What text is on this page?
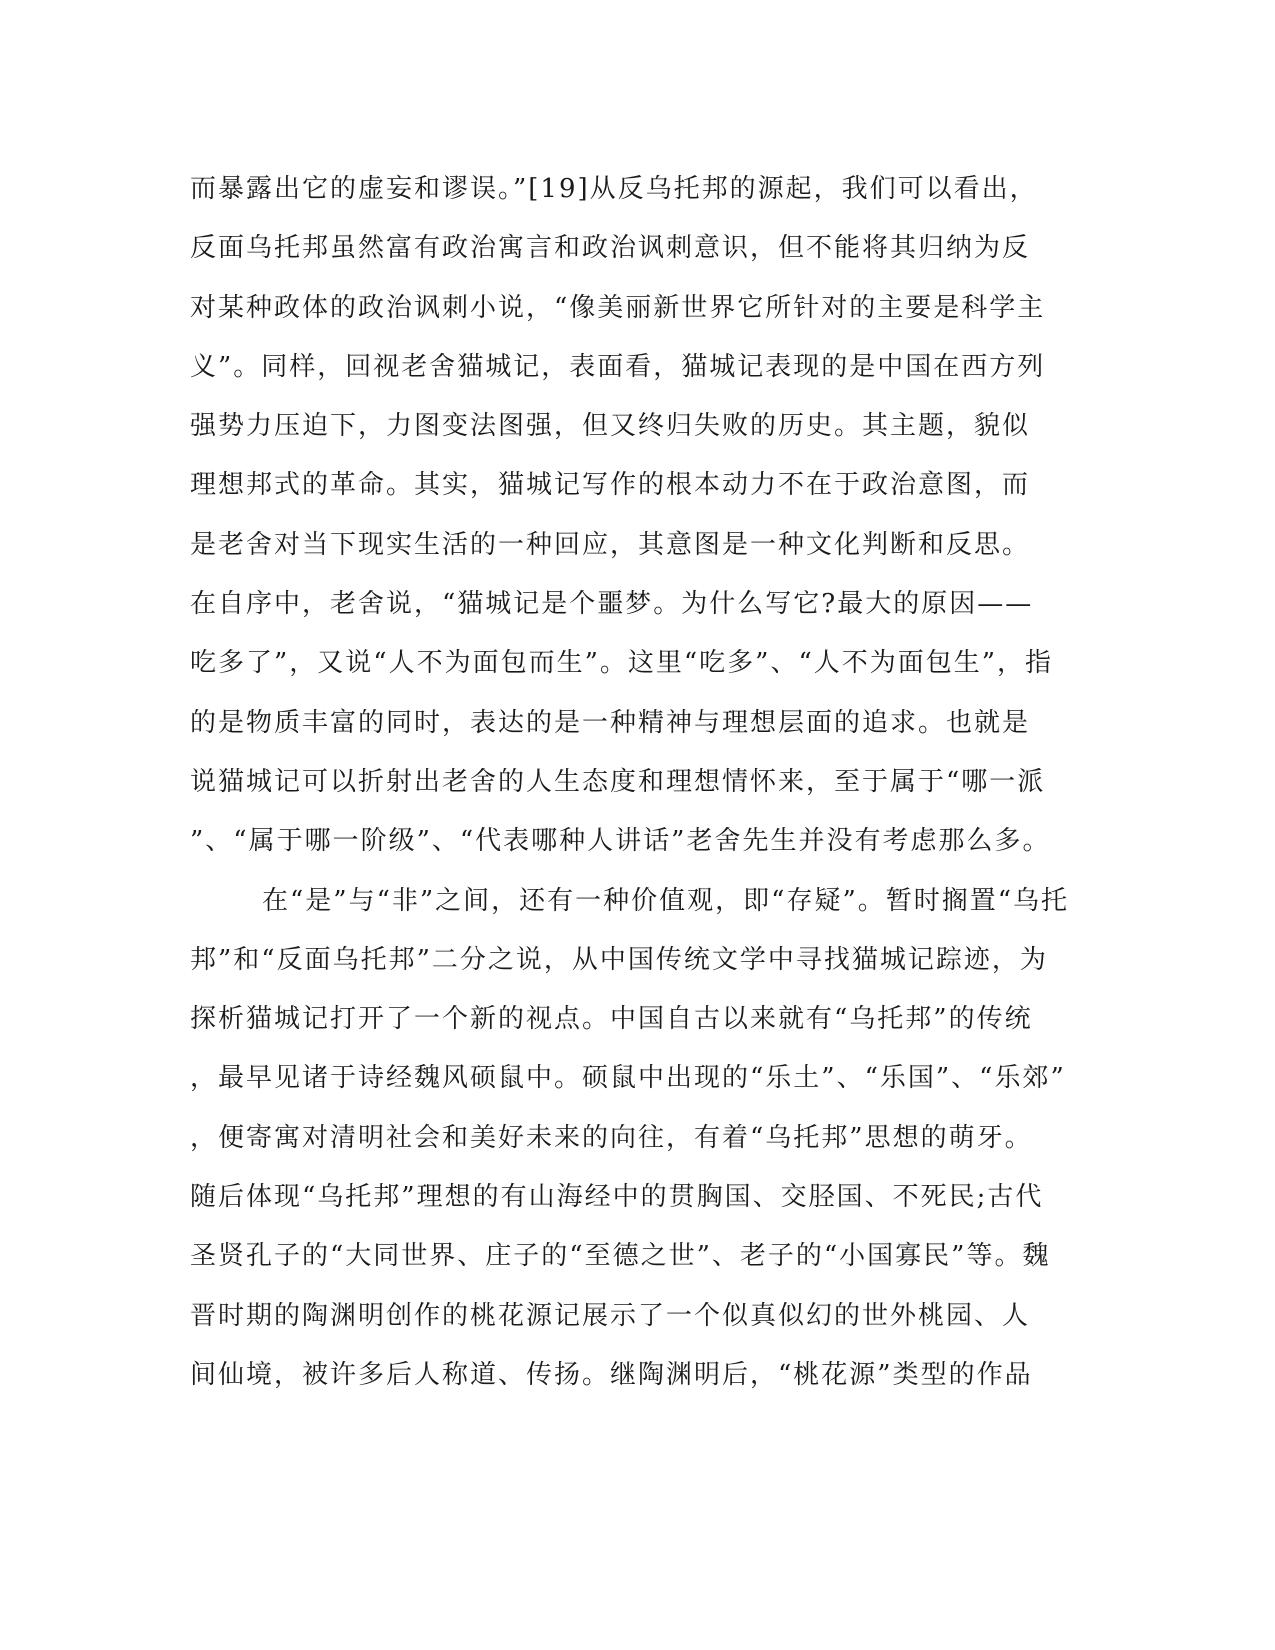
而暴露出它的虚妄和谬误。”[19]从反乌托邦的源起，我们可以看出，
反面乌托邦虽然富有政治寓言和政治讽刺意识，但不能将其归纳为反
对某种政体的政治讽刺小说，“像美丽新世界它所针对的主要是科学主
义”。同样，回视老舍猫城记，表面看，猫城记表现的是中国在西方列
强势力压迫下，力图变法图强，但又终归失败的历史。其主题，貌似
理想邦式的革命。其实，猫城记写作的根本动力不在于政治意图，而
是老舍对当下现实生活的一种回应，其意图是一种文化判断和反思。
在自序中，老舍说，“猫城记是个噩梦。为什么写它?最大的原因——
吃多了”，又说“人不为面包而生”。这里“吃多”、“人不为面包生”，指
的是物质丰富的同时，表达的是一种精神与理想层面的追求。也就是
说猫城记可以折射出老舍的人生态度和理想情怀来，至于属于“哪一派
”、“属于哪一阶级”、“代表哪种人讲话”老舍先生并没有考虑那么多。
在“是”与“非”之间，还有一种价值观，即“存疑”。暂时搁置“乌托
邦”和“反面乌托邦”二分之说，从中国传统文学中寻找猫城记踪迹，为
探析猫城记打开了一个新的视点。中国自古以来就有“乌托邦”的传统
，最早见诸于诗经魏风硕鼠中。硕鼠中出现的“乐土”、“乐国”、“乐郊”
，便寄寓对清明社会和美好未来的向往，有着“乌托邦”思想的萌牙。
随后体现“乌托邦”理想的有山海经中的贯胸国、交胫国、不死民;古代
圣贤孔子的“大同世界、庄子的“至德之世”、老子的“小国寡民”等。魏
晋时期的陶渊明创作的桃花源记展示了一个似真似幻的世外桃园、人
间仙境，被许多后人称道、传扬。继陶渊明后，“桃花源”类型的作品
